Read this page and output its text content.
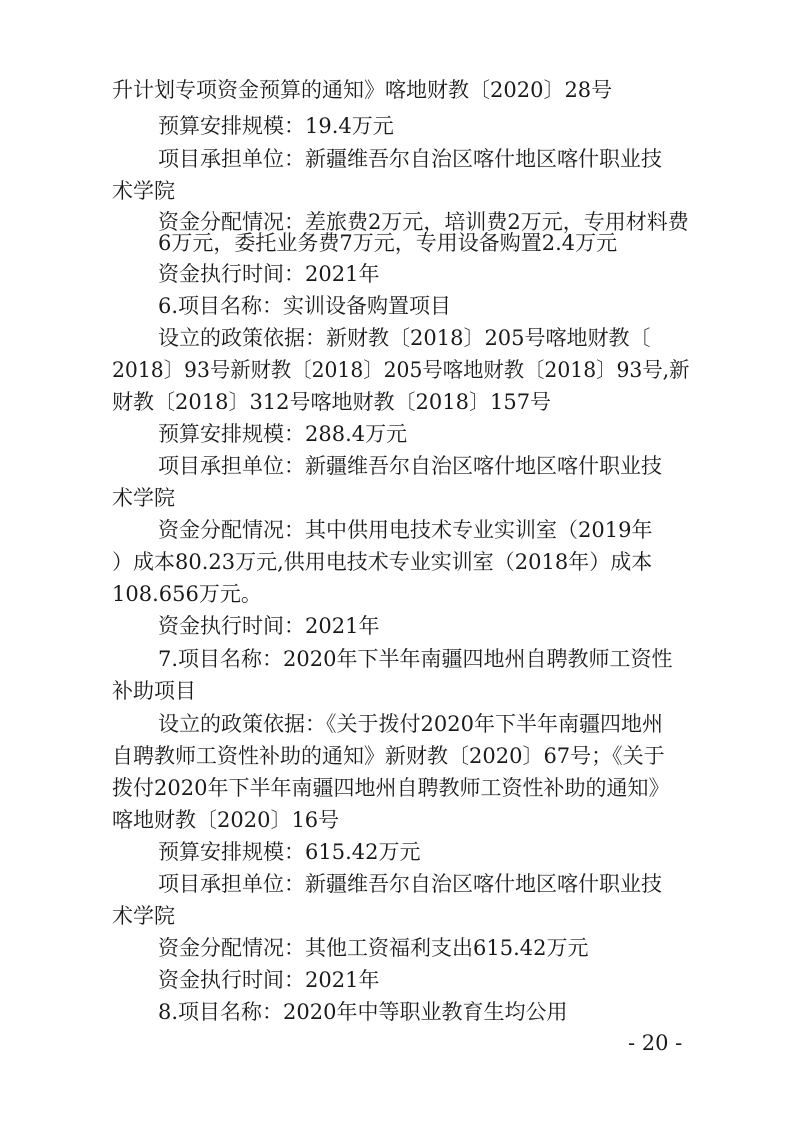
升计划专项资金预算的通知》喀地财教〔2020〕28号
预算安排规模：19.4万元
项目承担单位：新疆维吾尔自治区喀什地区喀什职业技
术学院
资金分配情况：差旅费2万元，培训费2万元，专用材料费
6万元，委托业务费7万元，专用设备购置2.4万元
资金执行时间：2021年
6.项目名称：实训设备购置项目
设立的政策依据：新财教〔2018〕205号喀地财教〔
2018〕93号新财教〔2018〕205号喀地财教〔2018〕93号,新
财教〔2018〕312号喀地财教〔2018〕157号
预算安排规模：288.4万元
项目承担单位：新疆维吾尔自治区喀什地区喀什职业技
术学院
资金分配情况：其中供用电技术专业实训室（2019年
）成本80.23万元,供用电技术专业实训室（2018年）成本
108.656万元。
资金执行时间：2021年
7.项目名称：2020年下半年南疆四地州自聘教师工资性
补助项目
设立的政策依据：《关于拨付2020年下半年南疆四地州
自聘教师工资性补助的通知》新财教〔2020〕67号；《关于
拨付2020年下半年南疆四地州自聘教师工资性补助的通知》
喀地财教〔2020〕16号
预算安排规模：615.42万元
项目承担单位：新疆维吾尔自治区喀什地区喀什职业技
术学院
资金分配情况：其他工资福利支出615.42万元
资金执行时间：2021年
8.项目名称：2020年中等职业教育生均公用
- 20 -
